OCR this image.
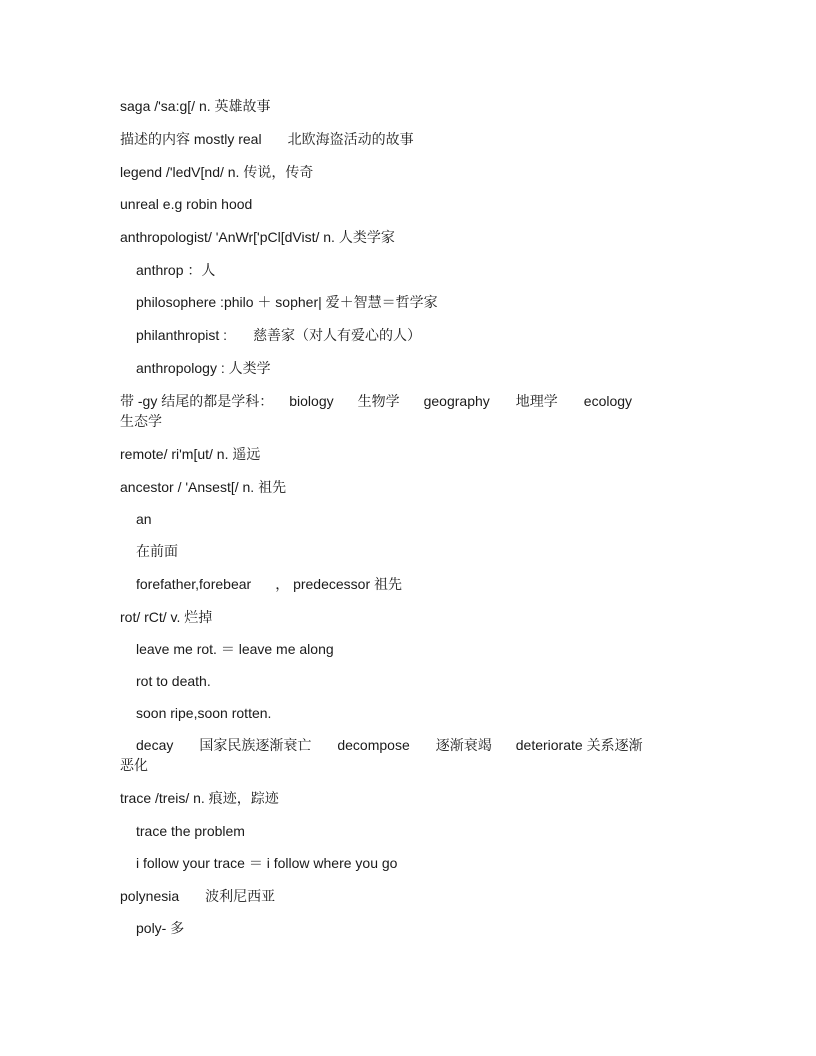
saga /'sa:g[/ n. 英雄故事
描述的内容 mostly real 北欧海盗活动的故事
legend /'ledV[nd/ n. 传说，传奇
unreal e.g robin hood
anthropologist/ 'AnWr['pCl[dVist/ n. 人类学家
anthrop ：人
philosophere :philo ＋ sopher| 爱＋智慧＝哲学家
philanthropist : 慈善家（对人有爱心的人）
anthropology : 人类学
带 -gy 结尾的都是学科： biology 生物学 geography 地理学 ecology
生态学
remote/ ri'm[ut/ n. 遥远
ancestor / 'Ansest[/ n. 祖先
an
在前面
forefather,forebear ， predecessor 祖先
rot/ rCt/ v. 烂掉
leave me rot. ＝ leave me along
rot to death.
soon ripe,soon rotten.
decay 国家民族逐渐衰亡 decompose 逐渐衰竭 deteriorate 关系逐渐
恶化
trace /treis/ n. 痕迹，踪迹
trace the problem
i follow your trace ＝ i follow where you go
polynesia 波利尼西亚
poly- 多
